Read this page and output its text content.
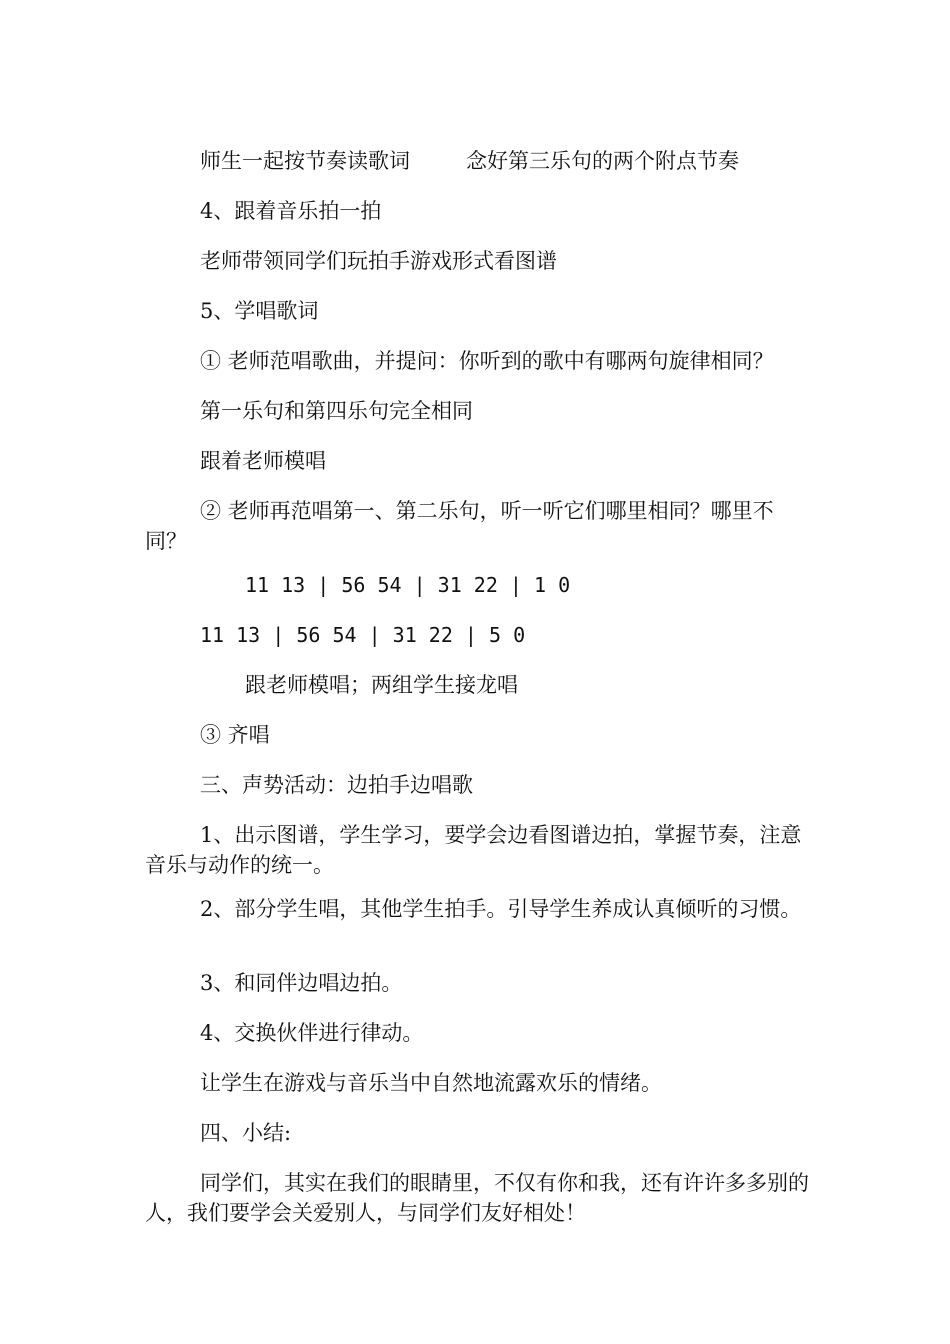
师生一起按节奏读歌词	念好第三乐句的两个附点节奏
4、跟着音乐拍一拍
老师带领同学们玩拍手游戏形式看图谱
5、学唱歌词
① 老师范唱歌曲，并提问：你听到的歌中有哪两句旋律相同？
第一乐句和第四乐句完全相同
跟着老师模唱
② 老师再范唱第一、第二乐句，听一听它们哪里相同？哪里不同？
11 13 | 56 54 | 31 22 | 1 0
11 13 | 56 54 | 31 22 | 5 0
跟老师模唱；两组学生接龙唱
③ 齐唱
三、声势活动：边拍手边唱歌
1、出示图谱，学生学习，要学会边看图谱边拍，掌握节奏，注意音乐与动作的统一。
2、部分学生唱，其他学生拍手。引导学生养成认真倾听的习惯。
3、和同伴边唱边拍。
4、交换伙伴进行律动。
让学生在游戏与音乐当中自然地流露欢乐的情绪。
四、小结:
同学们，其实在我们的眼睛里，不仅有你和我，还有许许多多别的人，我们要学会关爱别人，与同学们友好相处！
